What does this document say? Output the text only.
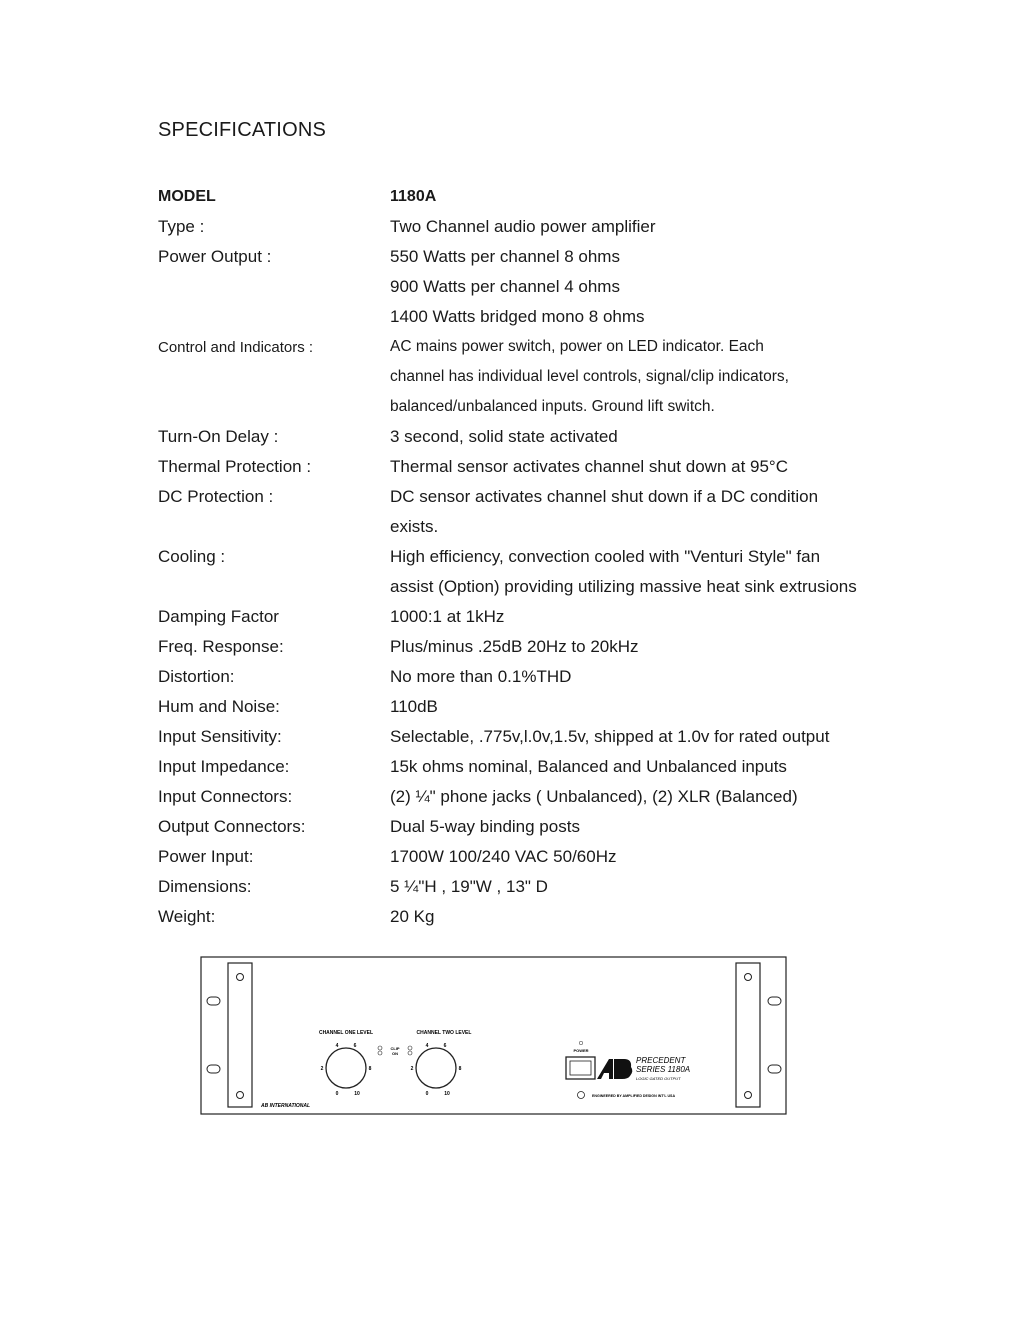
SPECIFICATIONS
MODEL	1180A
Type :	Two Channel audio power amplifier
Power Output :	550 Watts per channel 8 ohms
900 Watts per channel 4 ohms
1400 Watts bridged mono 8 ohms
Control and Indicators :	AC mains power switch, power on LED indicator. Each
channel has individual level controls, signal/clip indicators,
balanced/unbalanced inputs. Ground lift switch.
Turn-On Delay :	3 second, solid state activated
Thermal Protection :	Thermal sensor activates channel shut down at 95°C
DC Protection :	DC sensor activates channel shut down if a DC condition
exists.
Cooling :	High efficiency, convection cooled with "Venturi Style" fan
assist (Option) providing utilizing massive heat sink extrusions
Damping Factor	1000:1 at 1kHz
Freq. Response:	Plus/minus .25dB 20Hz to 20kHz
Distortion:	No more than 0.1%THD
Hum and Noise:	110dB
Input Sensitivity:	Selectable, .775v,l.0v,1.5v, shipped at 1.0v for rated output
Input Impedance:	15k ohms nominal, Balanced and Unbalanced inputs
Input Connectors:	(2) ¼" phone jacks ( Unbalanced), (2) XLR (Balanced)
Output Connectors:	Dual 5-way binding posts
Power Input:	1700W 100/240 VAC 50/60Hz
Dimensions:	5 ¼"H , 19"W , 13" D
Weight:	20 Kg
CHANNEL ONE LEVEL	CHANNEL TWO LEVEL
4	6
2	8
0	10
CLIP
ON
4	6
2	8
0	10
AB INTERNATIONAL
POWER
PRECEDENT
SERIES 1180A
LOGIC GATED OUTPUT
ENGINEERED BY AMPLIFIED DESIGN INT'L USA
